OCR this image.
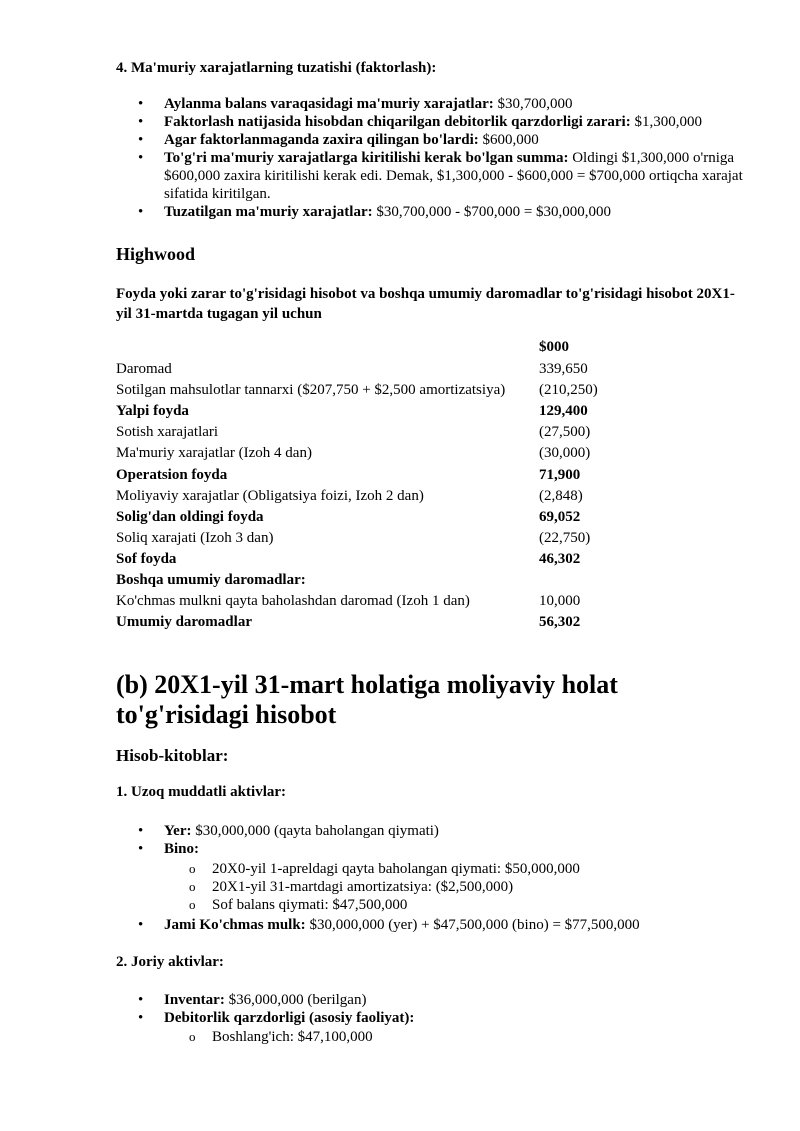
4. Ma'muriy xarajatlarning tuzatishi (faktorlash):
• Aylanma balans varaqasidagi ma'muriy xarajatlar: $30,700,000
• Faktorlash natijasida hisobdan chiqarilgan debitorlik qarzdorligi zarari: $1,300,000
• Agar faktorlanmaganda zaxira qilingan bo'lardi: $600,000
• To'g'ri ma'muriy xarajatlarga kiritilishi kerak bo'lgan summa: Oldingi $1,300,000 o'rniga $600,000 zaxira kiritilishi kerak edi. Demak, $1,300,000 - $600,000 = $700,000 ortiqcha xarajat sifatida kiritilgan.
• Tuzatilgan ma'muriy xarajatlar: $30,700,000 - $700,000 = $30,000,000
Highwood
Foyda yoki zarar to'g'risidagi hisobot va boshqa umumiy daromadlar to'g'risidagi hisobot 20X1-yil 31-martda tugagan yil uchun
$000
Daromad	339,650
Sotilgan mahsulotlar tannarxi ($207,750 + $2,500 amortizatsiya) (210,250)
Yalpi foyda	129,400
Sotish xarajatlari	(27,500)
Ma'muriy xarajatlar (Izoh 4 dan)	(30,000)
Operatsion foyda	71,900
Moliyaviy xarajatlar (Obligatsiya foizi, Izoh 2 dan)	(2,848)
Solig'dan oldingi foyda	69,052
Soliq xarajati (Izoh 3 dan)	(22,750)
Sof foyda	46,302
Boshqa umumiy daromadlar:
Ko'chmas mulkni qayta baholashdan daromad (Izoh 1 dan)	10,000
Umumiy daromadlar	56,302
(b) 20X1-yil 31-mart holatiga moliyaviy holat to'g'risidagi hisobot
Hisob-kitoblar:
1. Uzoq muddatli aktivlar:
• Yer: $30,000,000 (qayta baholangan qiymati)
• Bino:
o 20X0-yil 1-apreldagi qayta baholangan qiymati: $50,000,000
o 20X1-yil 31-martdagi amortizatsiya: ($2,500,000)
o Sof balans qiymati: $47,500,000
• Jami Ko'chmas mulk: $30,000,000 (yer) + $47,500,000 (bino) = $77,500,000
2. Joriy aktivlar:
• Inventar: $36,000,000 (berilgan)
• Debitorlik qarzdorligi (asosiy faoliyat):
o Boshlang'ich: $47,100,000
